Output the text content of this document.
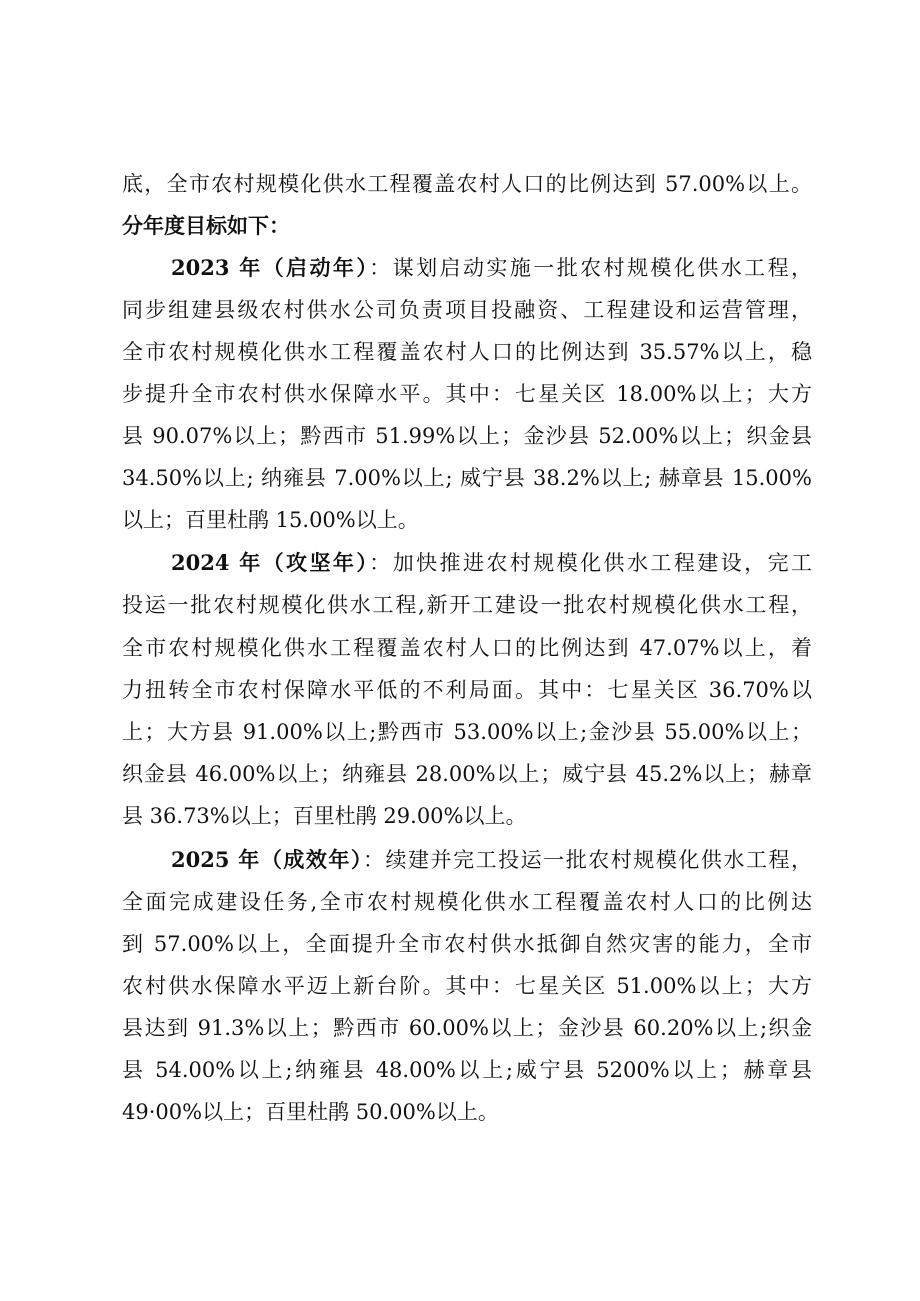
底，全市农村规模化供水工程覆盖农村人口的比例达到 57.00%以上。
分年度目标如下：
2023 年（启动年）：谋划启动实施一批农村规模化供水工程，
同步组建县级农村供水公司负责项目投融资、工程建设和运营管理，
全市农村规模化供水工程覆盖农村人口的比例达到 35.57%以上，稳
步提升全市农村供水保障水平。其中：七星关区 18.00%以上；大方
县 90.07%以上；黔西市 51.99%以上；金沙县 52.00%以上；织金县
34.50%以上; 纳雍县 7.00%以上; 威宁县 38.2%以上; 赫章县 15.00%
以上；百里杜鹃 15.00%以上。
2024 年（攻坚年）：加快推进农村规模化供水工程建设，完工
投运一批农村规模化供水工程,新开工建设一批农村规模化供水工程，
全市农村规模化供水工程覆盖农村人口的比例达到 47.07%以上，着
力扭转全市农村保障水平低的不利局面。其中：七星关区 36.70%以
上；大方县 91.00%以上;黔西市 53.00%以上;金沙县 55.00%以上；
织金县 46.00%以上；纳雍县 28.00%以上；威宁县 45.2%以上；赫章
县 36.73%以上；百里杜鹃 29.00%以上。
2025 年（成效年）：续建并完工投运一批农村规模化供水工程，
全面完成建设任务,全市农村规模化供水工程覆盖农村人口的比例达
到 57.00%以上，全面提升全市农村供水抵御自然灾害的能力，全市
农村供水保障水平迈上新台阶。其中：七星关区 51.00%以上；大方
县达到 91.3%以上；黔西市 60.00%以上；金沙县 60.20%以上;织金
县 54.00%以上;纳雍县 48.00%以上;威宁县 5200%以上；赫章县
49·00%以上；百里杜鹃 50.00%以上。
